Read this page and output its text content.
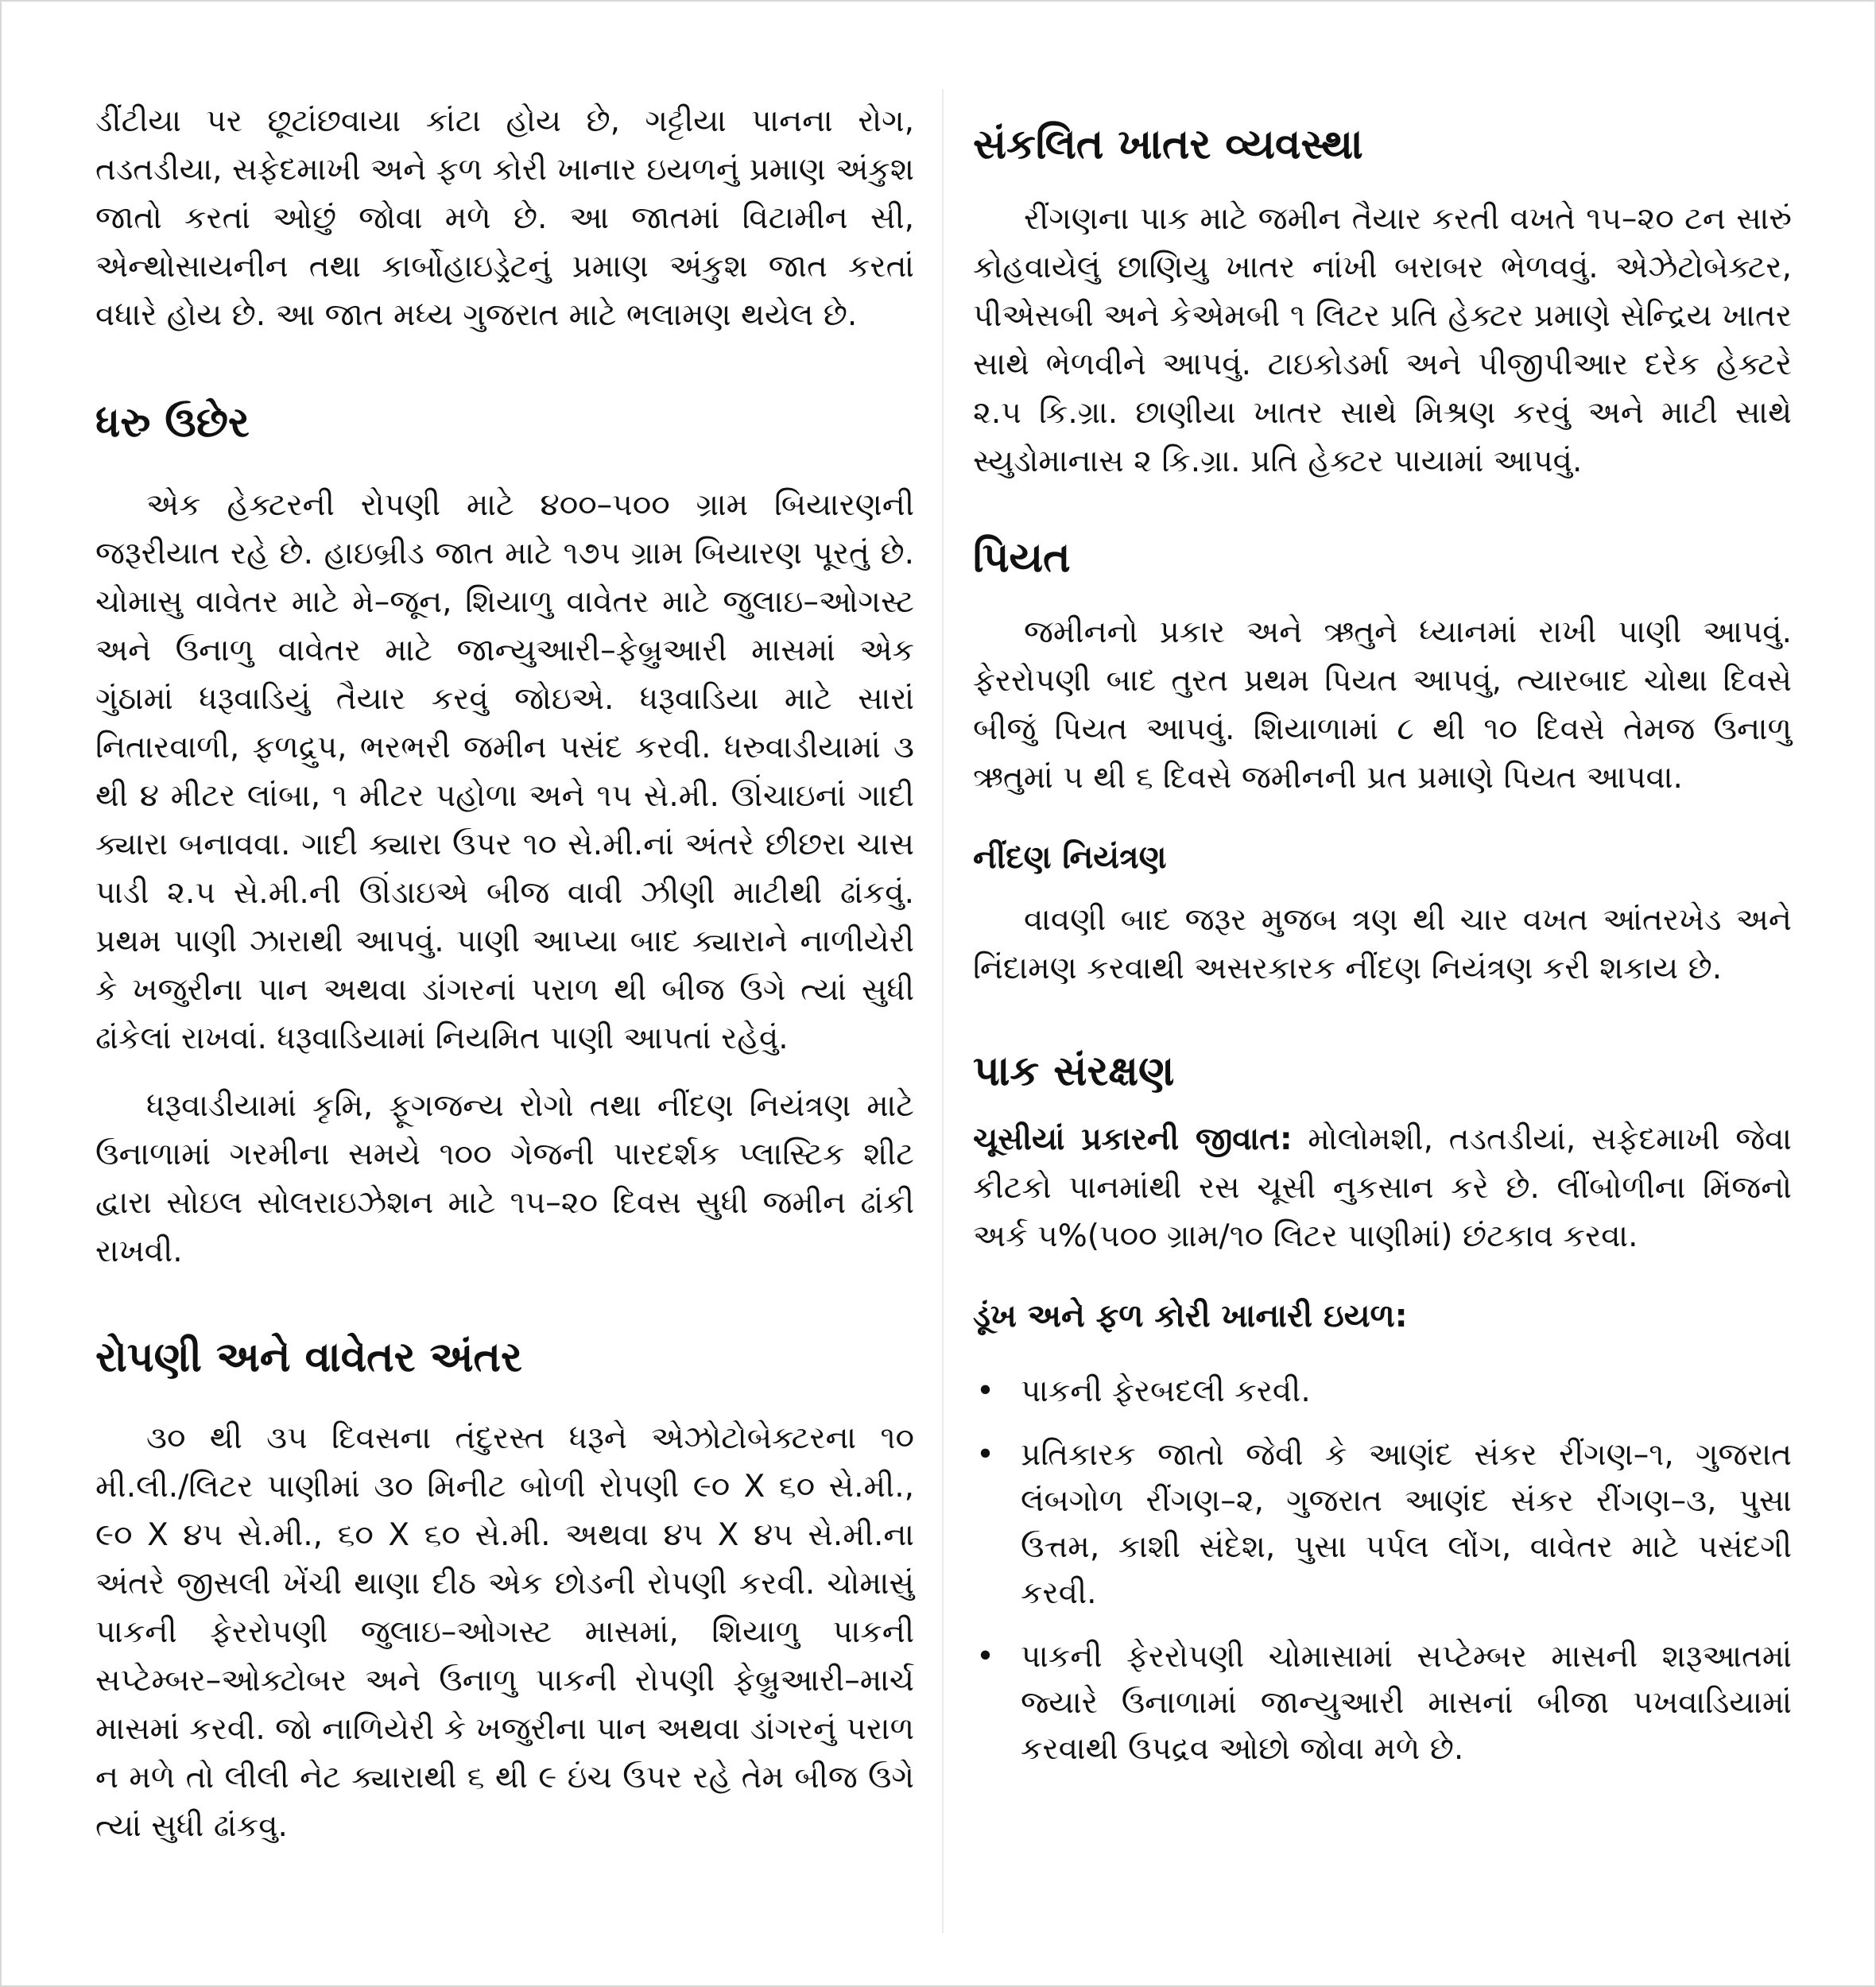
ડીંટીયા પર છૂટાંછવાયા કાંટા હોય છે, ગટ્ટીયા પાનના રોગ, તડતડીયા, સફેદમાખી અને ફળ કોરી ખાનાર ઇયળનું પ્રમાણ અંકુશ જાતો કરતાં ઓછું જોવા મળે છે. આ જાતમાં વિટામીન સી, એન્થોસાયનીન તથા કાર્બોહાઇડ્રેટનું પ્રમાણ અંકુશ જાત કરતાં વધારે હોય છે. આ જાત મધ્ય ગુજરાત માટે ભલામણ થયેલ છે.

ધરુ ઉછેર

એક હેક્ટરની રોપણી માટે ૪૦૦–૫૦૦ ગ્રામ બિયારણની જરૂરીયાત રહે છે. હાઇબ્રીડ જાત માટે ૧૭૫ ગ્રામ બિયારણ પૂરતું છે. ચોમાસુ વાવેતર માટે મે–જૂન, શિયાળુ વાવેતર માટે જુલાઇ–ઓગસ્ટ અને ઉનાળુ વાવેતર માટે જાન્યુઆરી–ફેબ્રુઆરી માસમાં એક ગુંઠામાં ધરૂવાડિયું તૈયાર કરવું જોઇએ. ધરૂવાડિયા માટે સારાં નિતારવાળી, ફળદ્રુપ, ભરભરી જમીન પસંદ કરવી. ધરુવાડીયામાં ૩ થી ૪ મીટર લાંબા, ૧ મીટર પહોળા અને ૧૫ સે.મી. ઊંચાઇનાં ગાદી ક્યારા બનાવવા. ગાદી ક્યારા ઉપર ૧૦ સે.મી.નાં અંતરે છીછરા ચાસ પાડી ૨.૫ સે.મી.ની ઊંડાઇએ બીજ વાવી ઝીણી માટીથી ઢાંકવું. પ્રથમ પાણી ઝારાથી આપવું. પાણી આપ્યા બાદ ક્યારાને નાળીયેરી કે ખજુરીના પાન અથવા ડાંગરનાં પરાળ થી બીજ ઉગે ત્યાં સુધી ઢાંકેલાં રાખવાં. ધરૂવાડિયામાં નિયમિત પાણી આપતાં રહેવું.

ધરૂવાડીયામાં કૃમિ, ફૂગજન્ય રોગો તથા નીંદણ નિયંત્રણ માટે ઉનાળામાં ગરમીના સમયે ૧૦૦ ગેજની પારદર્શક પ્લાસ્ટિક શીટ દ્વારા સોઇલ સોલરાઇઝેશન માટે ૧૫–૨૦ દિવસ સુધી જમીન ઢાંકી રાખવી.

રોપણી અને વાવેતર અંતર

૩૦ થી ૩૫ દિવસના તંદુરસ્ત ધરૂને એઝોટોબેક્ટરના ૧૦ મી.લી./લિટર પાણીમાં ૩૦ મિનીટ બોળી રોપણી ૯૦ X ૬૦ સે.મી., ૯૦ X ૪૫ સે.મી., ૬૦ X ૬૦ સે.મી. અથવા ૪૫ X ૪૫ સે.મી.ના અંતરે જીસલી ખેંચી થાણા દીઠ એક છોડની રોપણી કરવી. ચોમાસું પાકની ફેરરોપણી જુલાઇ–ઓગસ્ટ માસમાં, શિયાળુ પાકની સપ્ટેમ્બર–ઓક્ટોબર અને ઉનાળુ પાકની રોપણી ફેબ્રુઆરી–માર્ચ માસમાં કરવી. જો નાળિયેરી કે ખજુરીના પાન અથવા ડાંગરનું પરાળ ન મળે તો લીલી નેટ ક્યારાથી ૬ થી ૯ ઇંચ ઉપર રહે તેમ બીજ ઉગે ત્યાં સુધી ઢાંકવુ.

સંકલિત ખાતર વ્યવસ્થા

રીંગણના પાક માટે જમીન તૈયાર કરતી વખતે ૧૫–૨૦ ટન સારું કોહવાયેલું છાણિયુ ખાતર નાંખી બરાબર ભેળવવું. એઝેટોબેક્ટર, પીએસબી અને કેએમબી ૧ લિટર પ્રતિ હેક્ટર પ્રમાણે સેન્દ્રિય ખાતર સાથે ભેળવીને આપવું. ટાઇકોડર્મા અને પીજીપીઆર દરેક હેક્ટરે ૨.૫ કિ.ગ્રા. છાણીયા ખાતર સાથે મિશ્રણ કરવું અને માટી સાથે સ્યુડોમાનાસ ૨ કિ.ગ્રા. પ્રતિ હેક્ટર પાયામાં આપવું.

પિયત

જમીનનો પ્રકાર અને ઋતુને ધ્યાનમાં રાખી પાણી આપવું. ફેરરોપણી બાદ તુરત પ્રથમ પિયત આપવું, ત્યારબાદ ચોથા દિવસે બીજું પિયત આપવું. શિયાળામાં ૮ થી ૧૦ દિવસે તેમજ ઉનાળુ ઋતુમાં ૫ થી ૬ દિવસે જમીનની પ્રત પ્રમાણે પિયત આપવા.

નીંદણ નિયંત્રણ

વાવણી બાદ જરૂર મુજબ ત્રણ થી ચાર વખત આંતરખેડ અને નિંદામણ કરવાથી અસરકારક નીંદણ નિયંત્રણ કરી શકાય છે.

પાક સંરક્ષણ

ચૂસીયાં પ્રકારની જીવાત: મોલોમશી, તડતડીયાં, સફેદમાખી જેવા કીટકો પાનમાંથી રસ ચૂસી નુકસાન કરે છે. લીંબોળીના મિંજનો અર્ક ૫%(૫૦૦ ગ્રામ/૧૦ લિટર પાણીમાં) છંટકાવ કરવા.

ડૂંખ અને ફળ કોરી ખાનારી ઇયળ:
• પાકની ફેરબદલી કરવી.

• પ્રતિકારક જાતો જેવી કે આણંદ સંકર રીંગણ–૧, ગુજરાત લંબગોળ રીંગણ–૨, ગુજરાત આણંદ સંકર રીંગણ–૩, પુસા ઉત્તમ, કાશી સંદેશ, પુસા પર્પલ લોંગ, વાવેતર માટે પસંદગી કરવી.

• પાકની ફેરરોપણી ચોમાસામાં સપ્ટેમ્બર માસની શરૂઆતમાં જ્યારે ઉનાળામાં જાન્યુઆરી માસનાં બીજા પખવાડિયામાં કરવાથી ઉપદ્રવ ઓછો જોવા મળે છે.
